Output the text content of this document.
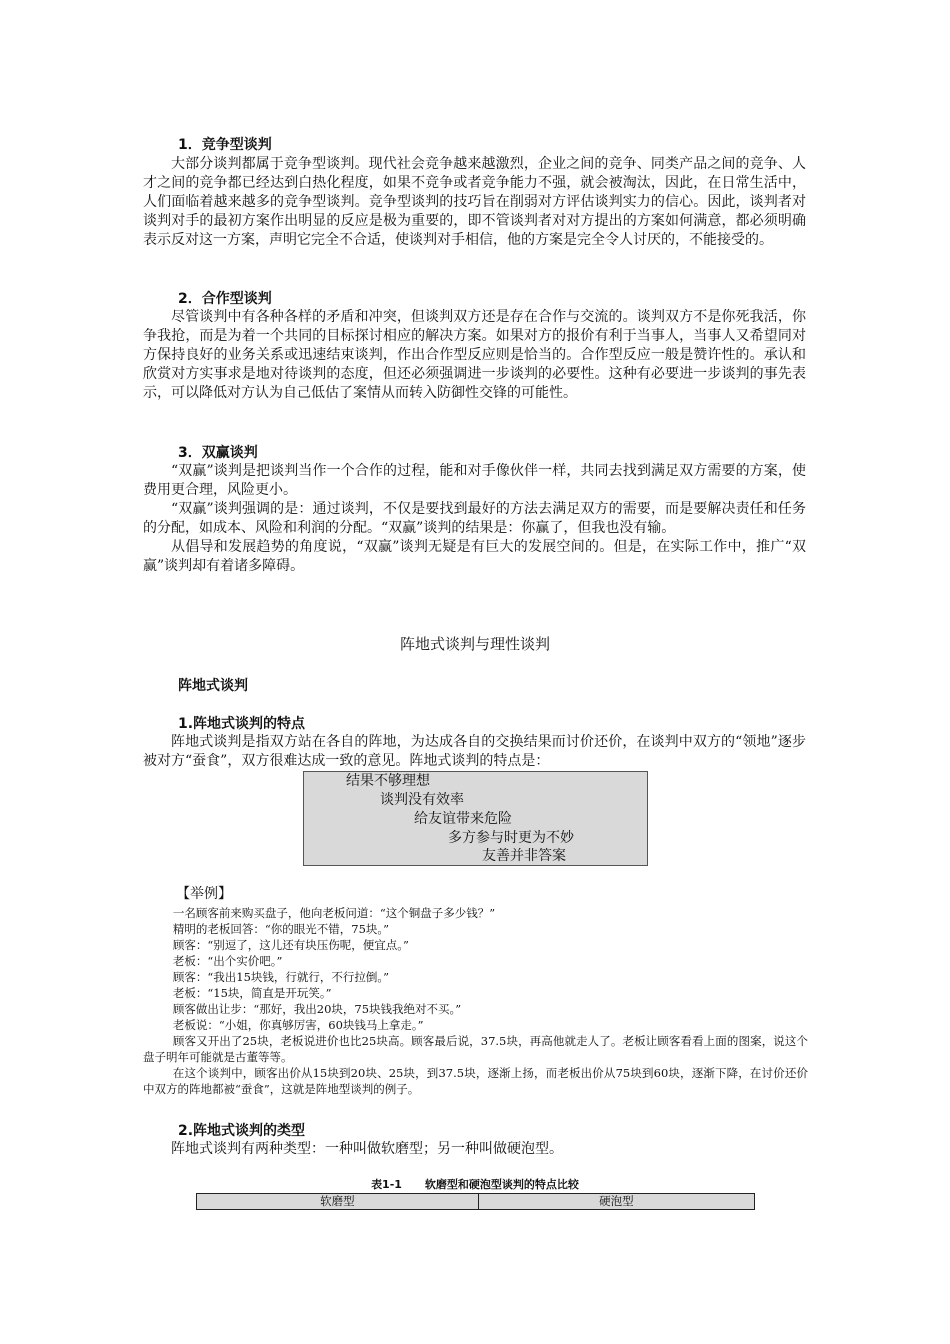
1．竞争型谈判

大部分谈判都属于竞争型谈判。现代社会竞争越来越激烈，企业之间的竞争、同类产品之间的竞争、人才之间的竞争都已经达到白热化程度，如果不竞争或者竞争能力不强，就会被淘汰，因此，在日常生活中，人们面临着越来越多的竞争型谈判。竞争型谈判的技巧旨在削弱对方评估谈判实力的信心。因此，谈判者对谈判对手的最初方案作出明显的反应是极为重要的，即不管谈判者对对方提出的方案如何满意，都必须明确表示反对这一方案，声明它完全不合适，使谈判对手相信，他的方案是完全令人讨厌的，不能接受的。

2．合作型谈判

尽管谈判中有各种各样的矛盾和冲突，但谈判双方还是存在合作与交流的。谈判双方不是你死我活，你争我抢，而是为着一个共同的目标探讨相应的解决方案。如果对方的报价有利于当事人，当事人又希望同对方保持良好的业务关系或迅速结束谈判，作出合作型反应则是恰当的。合作型反应一般是赞许性的。承认和欣赏对方实事求是地对待谈判的态度，但还必须强调进一步谈判的必要性。这种有必要进一步谈判的事先表示，可以降低对方认为自己低估了案情从而转入防御性交锋的可能性。

3．双赢谈判

“双赢”谈判是把谈判当作一个合作的过程，能和对手像伙伴一样，共同去找到满足双方需要的方案，使费用更合理，风险更小。

“双赢”谈判强调的是：通过谈判，不仅是要找到最好的方法去满足双方的需要，而是要解决责任和任务的分配，如成本、风险和利润的分配。“双赢”谈判的结果是：你赢了，但我也没有输。

从倡导和发展趋势的角度说，“双赢”谈判无疑是有巨大的发展空间的。但是，在实际工作中，推广“双赢”谈判却有着诸多障碍。

阵地式谈判与理性谈判
阵地式谈判
1.阵地式谈判的特点

阵地式谈判是指双方站在各自的阵地，为达成各自的交换结果而讨价还价，在谈判中双方的“领地”逐步被对方“蚕食”，双方很难达成一致的意见。阵地式谈判的特点是：

结果不够理想
谈判没有效率
给友谊带来危险
多方参与时更为不妙
友善并非答案
【举例】

一名顾客前来购买盘子，他向老板问道：“这个铜盘子多少钱？”

精明的老板回答：“你的眼光不错，75块。”

顾客：“别逗了，这儿还有块压伤呢，便宜点。”

老板：“出个实价吧。”

顾客：“我出15块钱，行就行，不行拉倒。”

老板：“15块，简直是开玩笑。”

顾客做出让步：“那好，我出20块，75块钱我绝对不买。”

老板说：“小姐，你真够厉害，60块钱马上拿走。”

顾客又开出了25块，老板说进价也比25块高。顾客最后说，37.5块，再高他就走人了。老板让顾客看看上面的图案，说这个盘子明年可能就是古董等等。

在这个谈判中，顾客出价从15块到20块、25块，到37.5块，逐渐上扬，而老板出价从75块到60块，逐渐下降，在讨价还价中双方的阵地都被“蚕食”，这就是阵地型谈判的例子。

2.阵地式谈判的类型

阵地式谈判有两种类型：一种叫做软磨型；另一种叫做硬泡型。

表1-1      软磨型和硬泡型谈判的特点比较
软磨型	硬泡型
